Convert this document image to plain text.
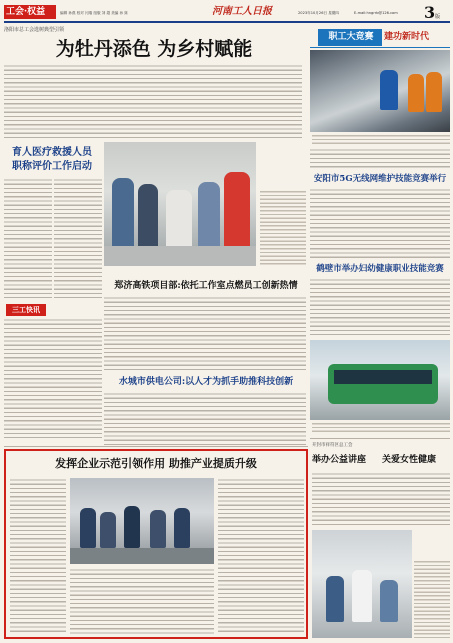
工会·权益	编辑 孙燕 校对 闫瑞 组版 刘 超 美编 孙 妹	河南工人日报	2023年10月26日 星期四	E-mail:hngrrb@126.com	3版
洛阳市总工会选树典型引领
为牡丹添色 为乡村赋能
职工大竞赛	建功新时代
育人医疗救援人员
职称评价工作启动
安阳市5G无线网维护技能竞赛举行
鹤壁市举办妇幼健康职业技能竞赛
三工快讯
郑济高铁项目部:依托工作室点燃员工创新热情
水城市供电公司:以人才为抓手助推科技创新
发挥企业示范引领作用 助推产业提质升级
开封市祥符区总工会
举办公益讲座	关爱女性健康
